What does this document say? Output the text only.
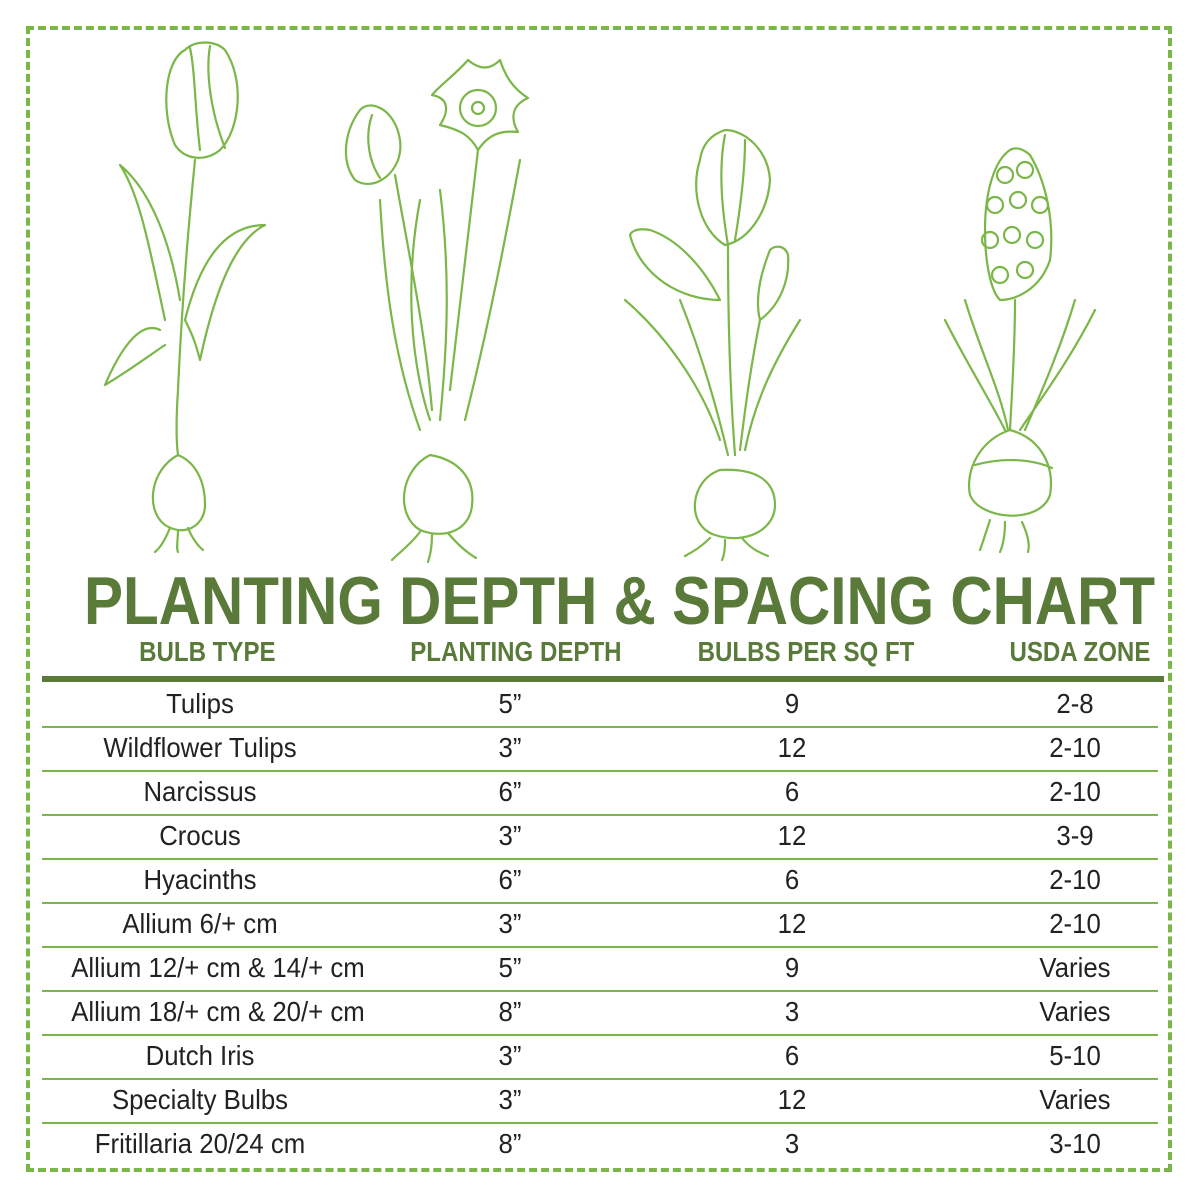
PLANTING DEPTH & SPACING CHART
BULB TYPE	PLANTING DEPTH	BULBS PER SQ FT	USDA ZONE
Tulips	5”	9	2-8
Wildflower Tulips	3”	12	2-10
Narcissus	6”	6	2-10
Crocus	3”	12	3-9
Hyacinths	6”	6	2-10
Allium 6/+ cm	3”	12	2-10
Allium 12/+ cm & 14/+ cm	5”	9	Varies
Allium 18/+ cm & 20/+ cm	8”	3	Varies
Dutch Iris	3”	6	5-10
Specialty Bulbs	3”	12	Varies
Fritillaria 20/24 cm	8”	3	3-10
